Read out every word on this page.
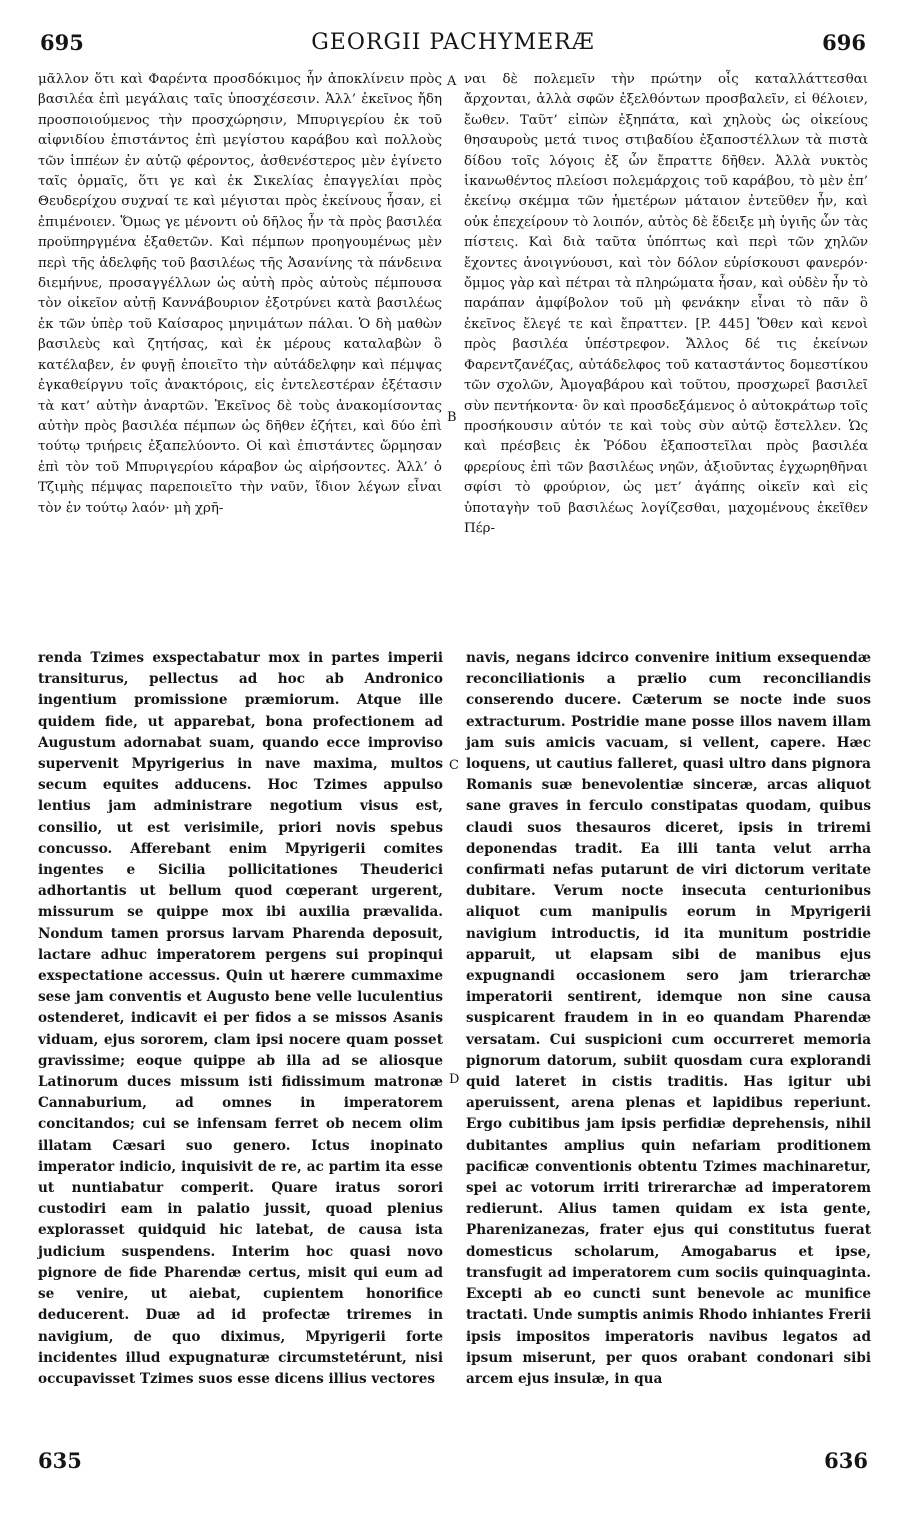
695	GEORGII PACHYMERÆ	696

μᾶλλον ὅτι καὶ Φαρέντα προσδόκιμος ἦν ἀποκλίνειν πρὸς βασιλέα ἐπὶ μεγάλαις ταῖς ὑποσχέσεσιν. Ἀλλ’ ἐκεῖνος ἤδη προσποιούμενος τὴν προσχώρησιν, Μπυριγερίου ἐκ τοῦ αἰφνιδίου ἐπιστάντος ἐπὶ μεγίστου καράβου καὶ πολλοὺς τῶν ἱππέων ἐν αὐτῷ φέροντος, ἀσθενέστερος μὲν ἐγίνετο ταῖς ὁρμαῖς, ὅτι γε καὶ ἐκ Σικελίας ἐπαγγελίαι πρὸς Θευδερίχου συχναί τε καὶ μέγισται πρὸς ἐκείνους ἦσαν, εἰ ἐπιμένοιεν. Ὅμως γε μένοντι οὐ δῆλος ἦν τὰ πρὸς βασιλέα προϋπηργμένα ἐξαθετῶν. Καὶ πέμπων προηγουμένως μὲν περὶ τῆς ἀδελφῆς τοῦ βασιλέως τῆς Ἀσανίνης τὰ πάνδεινα διεμήνυε, προσαγγέλλων ὡς αὐτὴ πρὸς αὐτοὺς πέμπουσα τὸν οἰκεῖον αὐτῇ Καννάβουριον ἐξοτρύνει κατὰ βασιλέως ἐκ τῶν ὑπὲρ τοῦ Καίσαρος μηνιμάτων πάλαι. Ὁ δὴ μαθὼν βασιλεὺς καὶ ζητήσας, καὶ ἐκ μέρους καταλαβὼν ὃ κατέλαβεν, ἐν φυγῇ ἐποιεῖτο τὴν αὐτάδελφην καὶ πέμψας ἐγκαθείργνυ τοῖς ἀνακτόροις, εἰς ἐντελεστέραν ἐξέτασιν τὰ κατ’ αὐτὴν ἀναρτῶν. Ἐκεῖνος δὲ τοὺς ἀνακομίσοντας αὐτὴν πρὸς βασιλέα πέμπων ὡς δῆθεν ἐζήτει, καὶ δύο ἐπὶ τούτῳ τριήρεις ἐξαπελύοντο. Οἱ καὶ ἐπιστάντες ὥρμησαν ἐπὶ τὸν τοῦ Μπυριγερίου κάραβον ὡς αἱρήσοντες. Ἀλλ’ ὁ Τζιμὴς πέμψας παρεποιεῖτο τὴν ναῦν, ἴδιον λέγων εἶναι τὸν ἐν τούτῳ λαόν· μὴ χρῆ-

ναι δὲ πολεμεῖν τὴν πρώτην οἷς καταλλάττεσθαι ἄρχονται, ἀλλὰ σφῶν ἐξελθόντων προσβαλεῖν, εἰ θέλοιεν, ἔωθεν. Ταῦτ’ εἰπὼν ἐξηπάτα, καὶ χηλοὺς ὡς οἰκείους θησαυροὺς μετά τινος στιβαδίου ἐξαποστέλλων τὰ πιστὰ δίδου τοῖς λόγοις ἐξ ὧν ἔπραττε δῆθεν. Ἀλλὰ νυκτὸς ἱκανωθέντος πλείοσι πολεμάρχοις τοῦ καράβου, τὸ μὲν ἐπ’ ἐκείνῳ σκέμμα τῶν ἡμετέρων μάταιον ἐντεῦθεν ἦν, καὶ οὐκ ἐπεχείρουν τὸ λοιπόν, αὐτὸς δὲ ἔδειξε μὴ ὑγιῆς ὧν τὰς πίστεις. Καὶ διὰ ταῦτα ὑπόπτως καὶ περὶ τῶν χηλῶν ἔχοντες ἀνοιγνύουσι, καὶ τὸν δόλον εὑρίσκουσι φανερόν· ὄμμος γὰρ καὶ πέτραι τὰ πληρώματα ἦσαν, καὶ οὐδὲν ἦν τὸ παράπαν ἀμφίβολον τοῦ μὴ φενάκην εἶναι τὸ πᾶν ὃ ἐκεῖνος ἔλεγέ τε καὶ ἔπραττεν. [P. 445] Ὅθεν καὶ κενοὶ πρὸς βασιλέα ὑπέστρεφον. Ἄλλος δέ τις ἐκείνων Φαρεντζανέζας, αὐτάδελφος τοῦ καταστάντος δομεστίκου τῶν σχολῶν, Ἀμογαβάρου καὶ τοῦτου, προσχωρεῖ βασιλεῖ σὺν πεντήκοντα· ὃν καὶ προσδεξάμενος ὁ αὐτοκράτωρ τοῖς προσήκουσιν αὐτόν τε καὶ τοὺς σὺν αὐτῷ ἔστελλεν. Ὡς καὶ πρέσβεις ἐκ Ῥόδου ἐξαποστεῖλαι πρὸς βασιλέα φρερίους ἐπὶ τῶν βασιλέως νηῶν, ἀξιοῦντας ἐγχωρηθῆναι σφίσι τὸ φρούριον, ὡς μετ’ ἀγάπης οἰκεῖν καὶ εἰς ὑποταγὴν τοῦ βασιλέως λογίζεσθαι, μαχομένους ἐκεῖθεν Πέρ-

A
B
C
D

renda Tzimes exspectabatur mox in partes imperii transiturus, pellectus ad hoc ab Andronico ingentium promissione præmiorum. Atque ille quidem fide, ut apparebat, bona profectionem ad Augustum adornabat suam, quando ecce improviso supervenit Mpyrigerius in nave maxima, multos secum equites adducens. Hoc Tzimes appulso lentius jam administrare negotium visus est, consilio, ut est verisimile, priori novis spebus concusso. Afferebant enim Mpyrigerii comites ingentes e Sicilia pollicitationes Theuderici adhortantis ut bellum quod cœperant urgerent, missurum se quippe mox ibi auxilia prævalida. Nondum tamen prorsus larvam Pharenda deposuit, lactare adhuc imperatorem pergens sui propinqui exspectatione accessus. Quin ut hærere cummaxime sese jam conventis et Augusto bene velle luculentius ostenderet, indicavit ei per fidos a se missos Asanis viduam, ejus sororem, clam ipsi nocere quam posset gravissime; eoque quippe ab illa ad se aliosque Latinorum duces missum isti fidissimum matronæ Cannaburium, ad omnes in imperatorem concitandos; cui se infensam ferret ob necem olim illatam Cæsari suo genero. Ictus inopinato imperator indicio, inquisivit de re, ac partim ita esse ut nuntiabatur comperit. Quare iratus sorori custodiri eam in palatio jussit, quoad plenius explorasset quidquid hic latebat, de causa ista judicium suspendens. Interim hoc quasi novo pignore de fide Pharendæ certus, misit qui eum ad se venire, ut aiebat, cupientem honorifice deducerent. Duæ ad id profectæ triremes in navigium, de quo diximus, Mpyrigerii forte incidentes illud expugnaturæ circumstetérunt, nisi occupavisset Tzimes suos esse dicens illius vectores

navis, negans idcirco convenire initium exsequendæ reconciliationis a prælio cum reconciliandis conserendo ducere. Cæterum se nocte inde suos extracturum. Postridie mane posse illos navem illam jam suis amicis vacuam, si vellent, capere. Hæc loquens, ut cautius falleret, quasi ultro dans pignora Romanis suæ benevolentiæ sinceræ, arcas aliquot sane graves in ferculo constipatas quodam, quibus claudi suos thesauros diceret, ipsis in triremi deponendas tradit. Ea illi tanta velut arrha confirmati nefas putarunt de viri dictorum veritate dubitare. Verum nocte insecuta centurionibus aliquot cum manipulis eorum in Mpyrigerii navigium introductis, id ita munitum postridie apparuit, ut elapsam sibi de manibus ejus expugnandi occasionem sero jam trierarchæ imperatorii sentirent, idemque non sine causa suspicarent fraudem in in eo quandam Pharendæ versatam. Cui suspicioni cum occurreret memoria pignorum datorum, subiit quosdam cura explorandi quid lateret in cistis traditis. Has igitur ubi aperuissent, arena plenas et lapidibus reperiunt. Ergo cubitibus jam ipsis perfidiæ deprehensis, nihil dubitantes amplius quin nefariam proditionem pacificæ conventionis obtentu Tzimes machinaretur, spei ac votorum irriti trirerarchæ ad imperatorem redierunt. Alius tamen quidam ex ista gente, Pharenizanezas, frater ejus qui constitutus fuerat domesticus scholarum, Amogabarus et ipse, transfugit ad imperatorem cum sociis quinquaginta. Excepti ab eo cuncti sunt benevole ac munifice tractati. Unde sumptis animis Rhodo inhiantes Frerii ipsis impositos imperatoris navibus legatos ad ipsum miserunt, per quos orabant condonari sibi arcem ejus insulæ, in qua

635	636
